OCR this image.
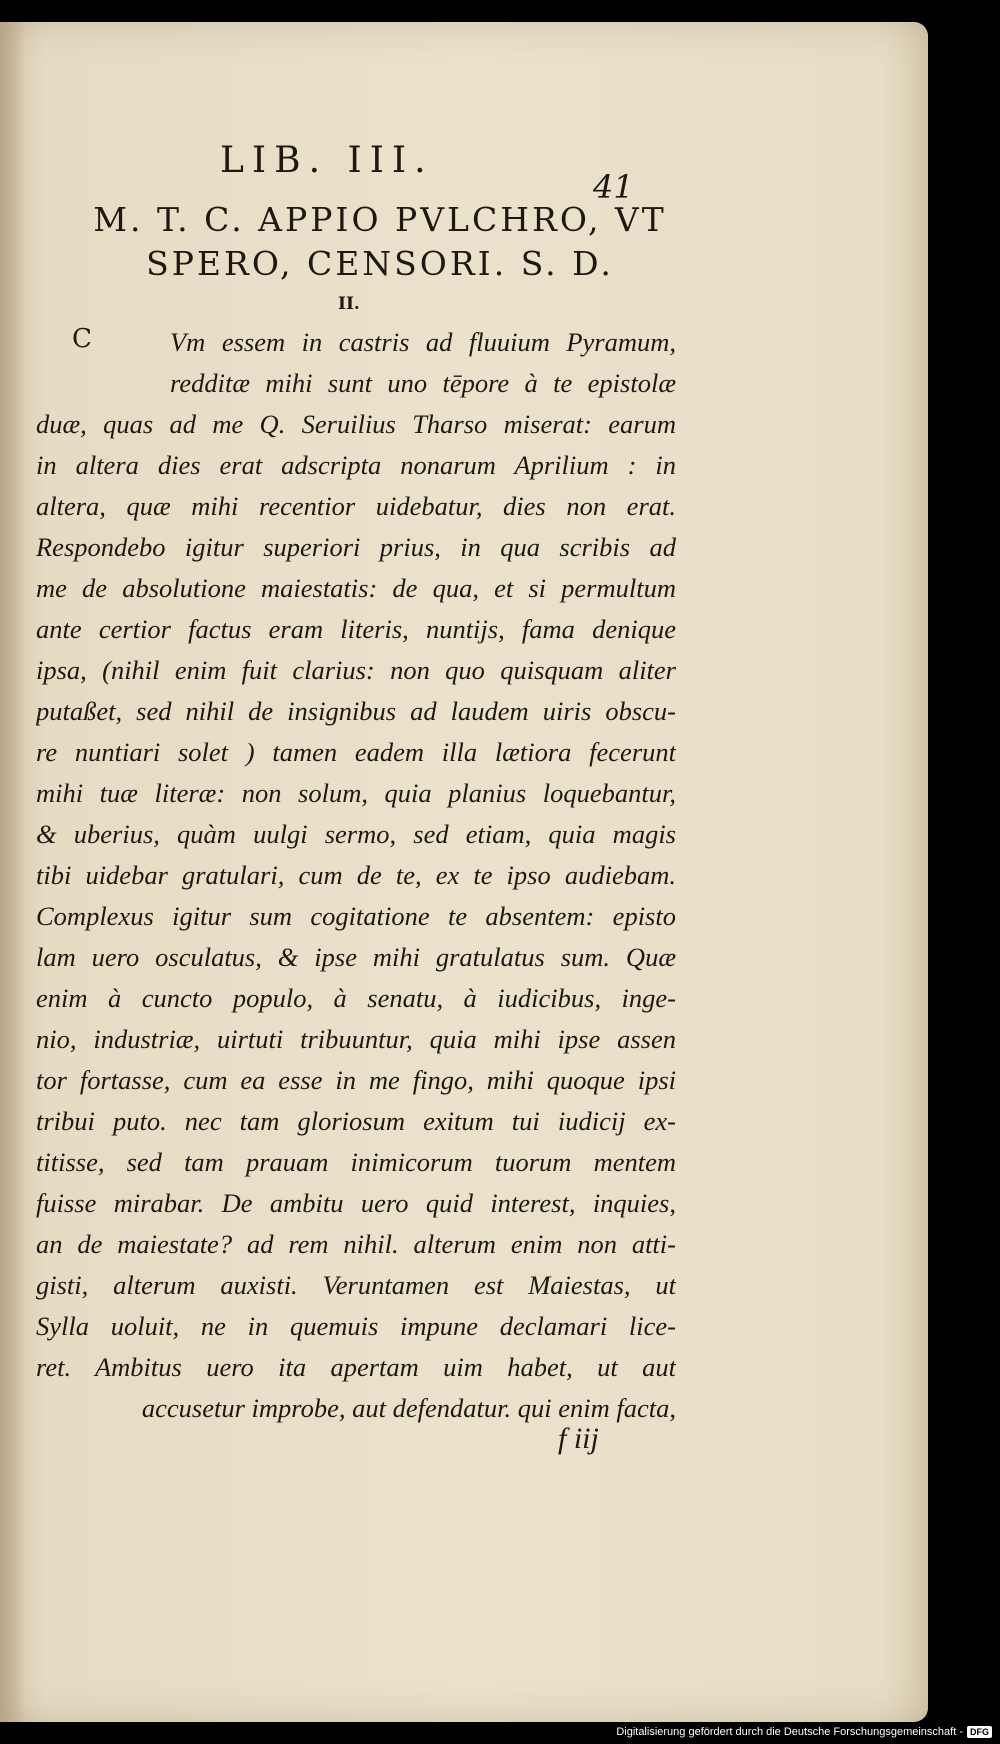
LIB. III.
41
M. T. C. APPIO PVLCHRO, VT
SPERO, CENSORI. S. D.
II.
C	Vm essem in castris ad fluuium Pyramum,
redditæ mihi sunt uno tēpore à te epistolæ
duæ, quas ad me Q. Seruilius Tharso miserat: earum
in altera dies erat adscripta nonarum Aprilium : in
altera, quæ mihi recentior uidebatur, dies non erat.
Respondebo igitur superiori prius, in qua scribis ad
me de absolutione maiestatis: de qua, et si permultum
ante certior factus eram literis, nuntijs, fama denique
ipsa, (nihil enim fuit clarius: non quo quisquam aliter
putaßet, sed nihil de insignibus ad laudem uiris obscu-
re nuntiari solet ) tamen eadem illa lætiora fecerunt
mihi tuæ literæ: non solum, quia planius loquebantur,
& uberius, quàm uulgi sermo, sed etiam, quia magis
tibi uidebar gratulari, cum de te, ex te ipso audiebam.
Complexus igitur sum cogitatione te absentem: episto
lam uero osculatus, & ipse mihi gratulatus sum. Quæ
enim à cuncto populo, à senatu, à iudicibus, inge-
nio, industriæ, uirtuti tribuuntur, quia mihi ipse assen
tor fortasse, cum ea esse in me fingo, mihi quoque ipsi
tribui puto. nec tam gloriosum exitum tui iudicij ex-
titisse, sed tam prauam inimicorum tuorum mentem
fuisse mirabar. De ambitu uero quid interest, inquies,
an de maiestate? ad rem nihil. alterum enim non atti-
gisti, alterum auxisti. Veruntamen est Maiestas, ut
Sylla uoluit, ne in quemuis impune declamari lice-
ret. Ambitus uero ita apertam uim habet, ut aut
accusetur improbe, aut defendatur. qui enim facta,
f iij
Digitalisierung gefördert durch die Deutsche Forschungsgemeinschaft - DFG
